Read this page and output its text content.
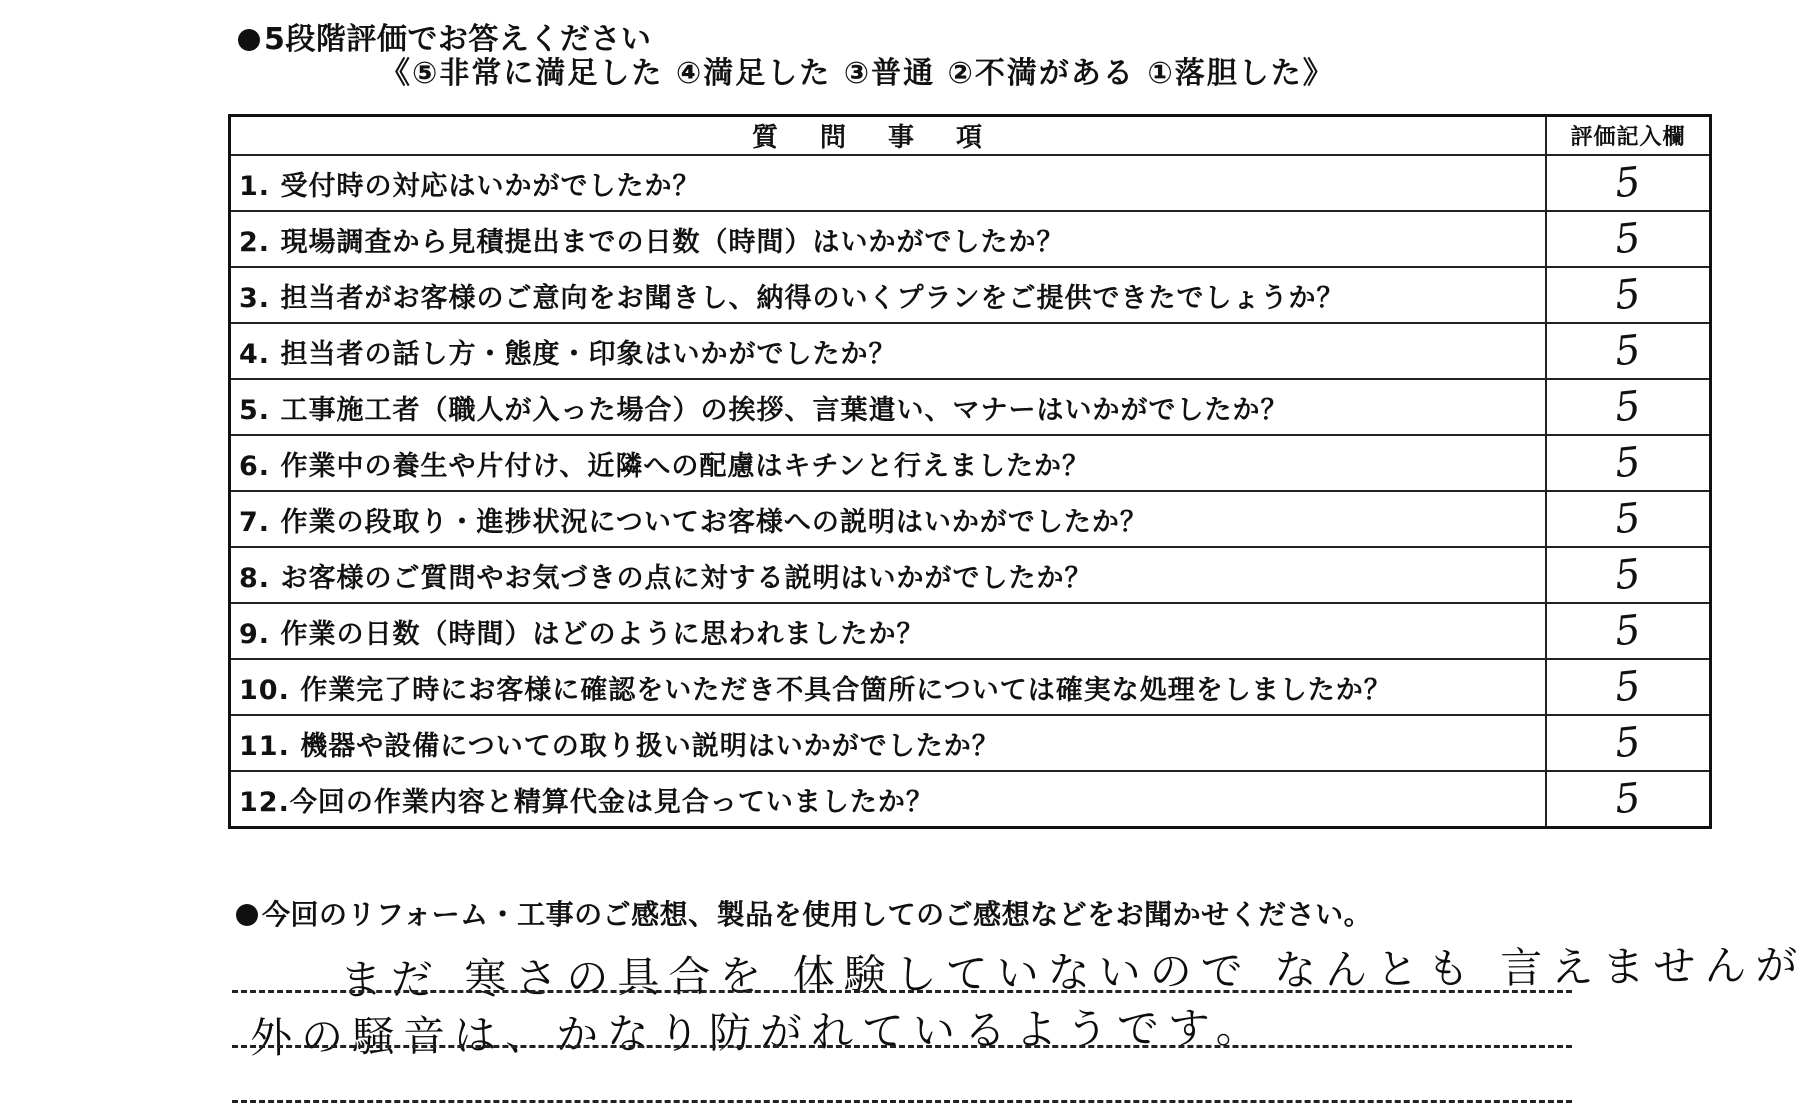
5段階評価でお答えください
《⑤非常に満足した ④満足した ③普通 ②不満がある ①落胆した》
質問事項	評価記入欄
1. 受付時の対応はいかがでしたか？	5
2. 現場調査から見積提出までの日数（時間）はいかがでしたか？	5
3. 担当者がお客様のご意向をお聞きし、納得のいくプランをご提供できたでしょうか？	5
4. 担当者の話し方・態度・印象はいかがでしたか？	5
5. 工事施工者（職人が入った場合）の挨拶、言葉遣い、マナーはいかがでしたか？	5
6. 作業中の養生や片付け、近隣への配慮はキチンと行えましたか？	5
7. 作業の段取り・進捗状況についてお客様への説明はいかがでしたか？	5
8. お客様のご質問やお気づきの点に対する説明はいかがでしたか？	5
9. 作業の日数（時間）はどのように思われましたか？	5
10. 作業完了時にお客様に確認をいただき不具合箇所については確実な処理をしましたか？	5
11. 機器や設備についての取り扱い説明はいかがでしたか？	5
12.今回の作業内容と精算代金は見合っていましたか？	5
今回のリフォーム・工事のご感想、製品を使用してのご感想などをお聞かせください。
まだ 寒さの具合を 体験していないので なんとも 言えませんが
外の騒音は、かなり防がれているようです。
